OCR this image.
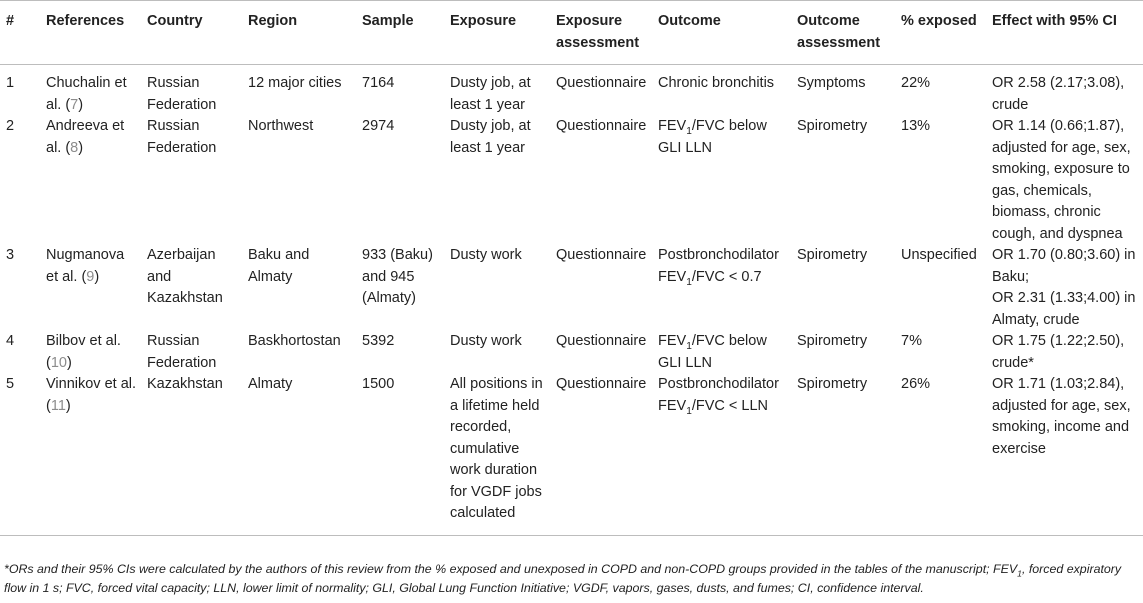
#	References	Country	Region	Sample	Exposure	Exposure assessment	Outcome	Outcome assessment	% exposed	Effect with 95% CI
1	Chuchalin et al. (7)	Russian Federation	12 major cities	7164	Dusty job, at least 1 year	Questionnaire	Chronic bronchitis	Symptoms	22%	OR 2.58 (2.17;3.08), crude
2	Andreeva et al. (8)	Russian Federation	Northwest	2974	Dusty job, at least 1 year	Questionnaire	$FEV_1$/FVC below GLI LLN	Spirometry	13%	OR 1.14 (0.66;1.87), adjusted for age, sex, smoking, exposure to gas, chemicals, biomass, chronic cough, and dyspnea
3	Nugmanova et al. (9)	Azerbaijan and Kazakhstan	Baku and Almaty	933 (Baku) and 945 (Almaty)	Dusty work	Questionnaire	Postbronchodilator $FEV_1$/FVC < 0.7	Spirometry	Unspecified	OR 1.70 (0.80;3.60) in Baku;
OR 2.31 (1.33;4.00) in Almaty, crude

4	Bilbov et al. (10)	Russian Federation	Baskhortostan	5392	Dusty work	Questionnaire	$FEV_1$/FVC below GLI LLN	Spirometry	7%	OR 1.75 (1.22;2.50), crude*
5	Vinnikov et al. (11)	Kazakhstan	Almaty	1500	All positions in a lifetime held recorded, cumulative work duration for VGDF jobs calculated	Questionnaire	Postbronchodilator $FEV_1$/FVC < LLN	Spirometry	26%	OR 1.71 (1.03;2.84), adjusted for age, sex, smoking, income and exercise
*ORs and their 95% CIs were calculated by the authors of this review from the % exposed and unexposed in COPD and non-COPD groups provided in the tables of the manuscript; $FEV_1$, forced expiratory flow in 1 s; FVC, forced vital capacity; LLN, lower limit of normality; GLI, Global Lung Function Initiative; VGDF, vapors, gases, dusts, and fumes; CI, confidence interval.
